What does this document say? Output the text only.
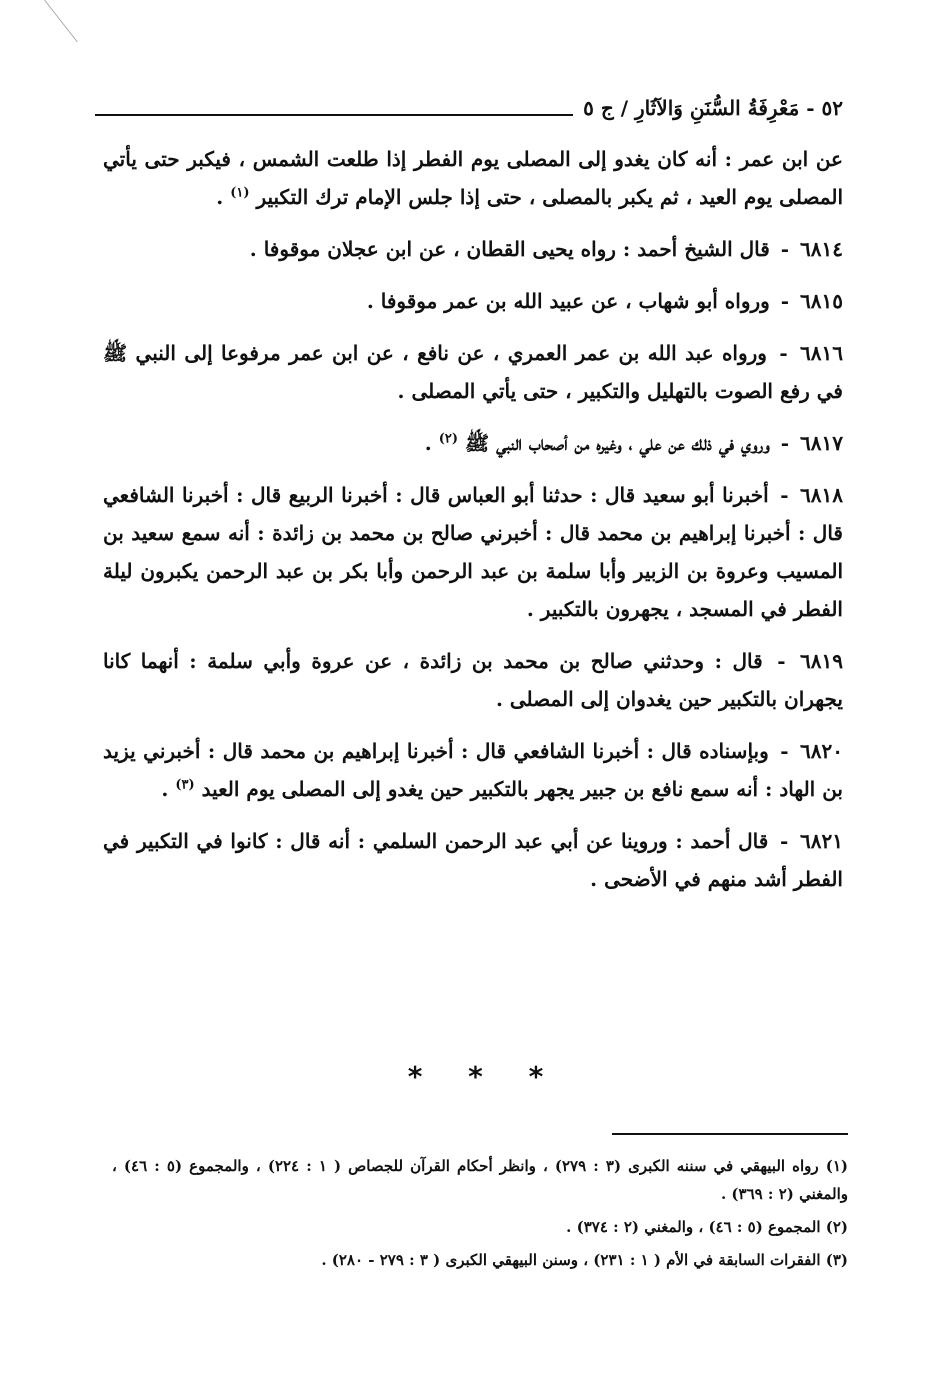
٥٢ - مَعْرِفَةُ السُّنَنِ وَالآثَارِ / ج ٥

عن ابن عمر : أنه كان يغدو إلى المصلى يوم الفطر إذا طلعت الشمس ، فيكبر حتى يأتي المصلى يوم العيد ، ثم يكبر بالمصلى ، حتى إذا جلس الإمام ترك التكبير $^{(١)}$ .

٦٨١٤ - قال الشيخ أحمد : رواه يحيى القطان ، عن ابن عجلان موقوفا .

٦٨١٥ - ورواه أبو شهاب ، عن عبيد الله بن عمر موقوفا .

٦٨١٦ - ورواه عبد الله بن عمر العمري ، عن نافع ، عن ابن عمر مرفوعا إلى النبي ﷺ في رفع الصوت بالتهليل والتكبير ، حتى يأتي المصلى .

٦٨١٧ - وروي في ذلك عن علي ، وغيره من أصحاب النبي ﷺ $^{(٢)}$ .

٦٨١٨ - أخبرنا أبو سعيد قال : حدثنا أبو العباس قال : أخبرنا الربيع قال : أخبرنا الشافعي قال : أخبرنا إبراهيم بن محمد قال : أخبرني صالح بن محمد بن زائدة : أنه سمع سعيد بن المسيب وعروة بن الزبير وأبا سلمة بن عبد الرحمن وأبا بكر بن عبد الرحمن يكبرون ليلة الفطر في المسجد ، يجهرون بالتكبير .

٦٨١٩ - قال : وحدثني صالح بن محمد بن زائدة ، عن عروة وأبي سلمة : أنهما كانا يجهران بالتكبير حين يغدوان إلى المصلى .

٦٨٢٠ - وبإسناده قال : أخبرنا الشافعي قال : أخبرنا إبراهيم بن محمد قال : أخبرني يزيد بن الهاد : أنه سمع نافع بن جبير يجهر بالتكبير حين يغدو إلى المصلى يوم العيد $^{(٣)}$ .

٦٨٢١ - قال أحمد : وروينا عن أبي عبد الرحمن السلمي : أنه قال : كانوا في التكبير في الفطر أشد منهم في الأضحى .

* * *

(١) رواه البيهقي في سننه الكبرى (٣ : ٢٧٩) ، وانظر أحكام القرآن للجصاص ( ١ : ٢٢٤) ، والمجموع (٥ : ٤٦) ، والمغني (٢ : ٣٦٩) .

(٢) المجموع (٥ : ٤٦) ، والمغني (٢ : ٣٧٤) .

(٣) الفقرات السابقة في الأم ( ١ : ٢٣١) ، وسنن البيهقي الكبرى ( ٣ : ٢٧٩ - ٢٨٠) .
